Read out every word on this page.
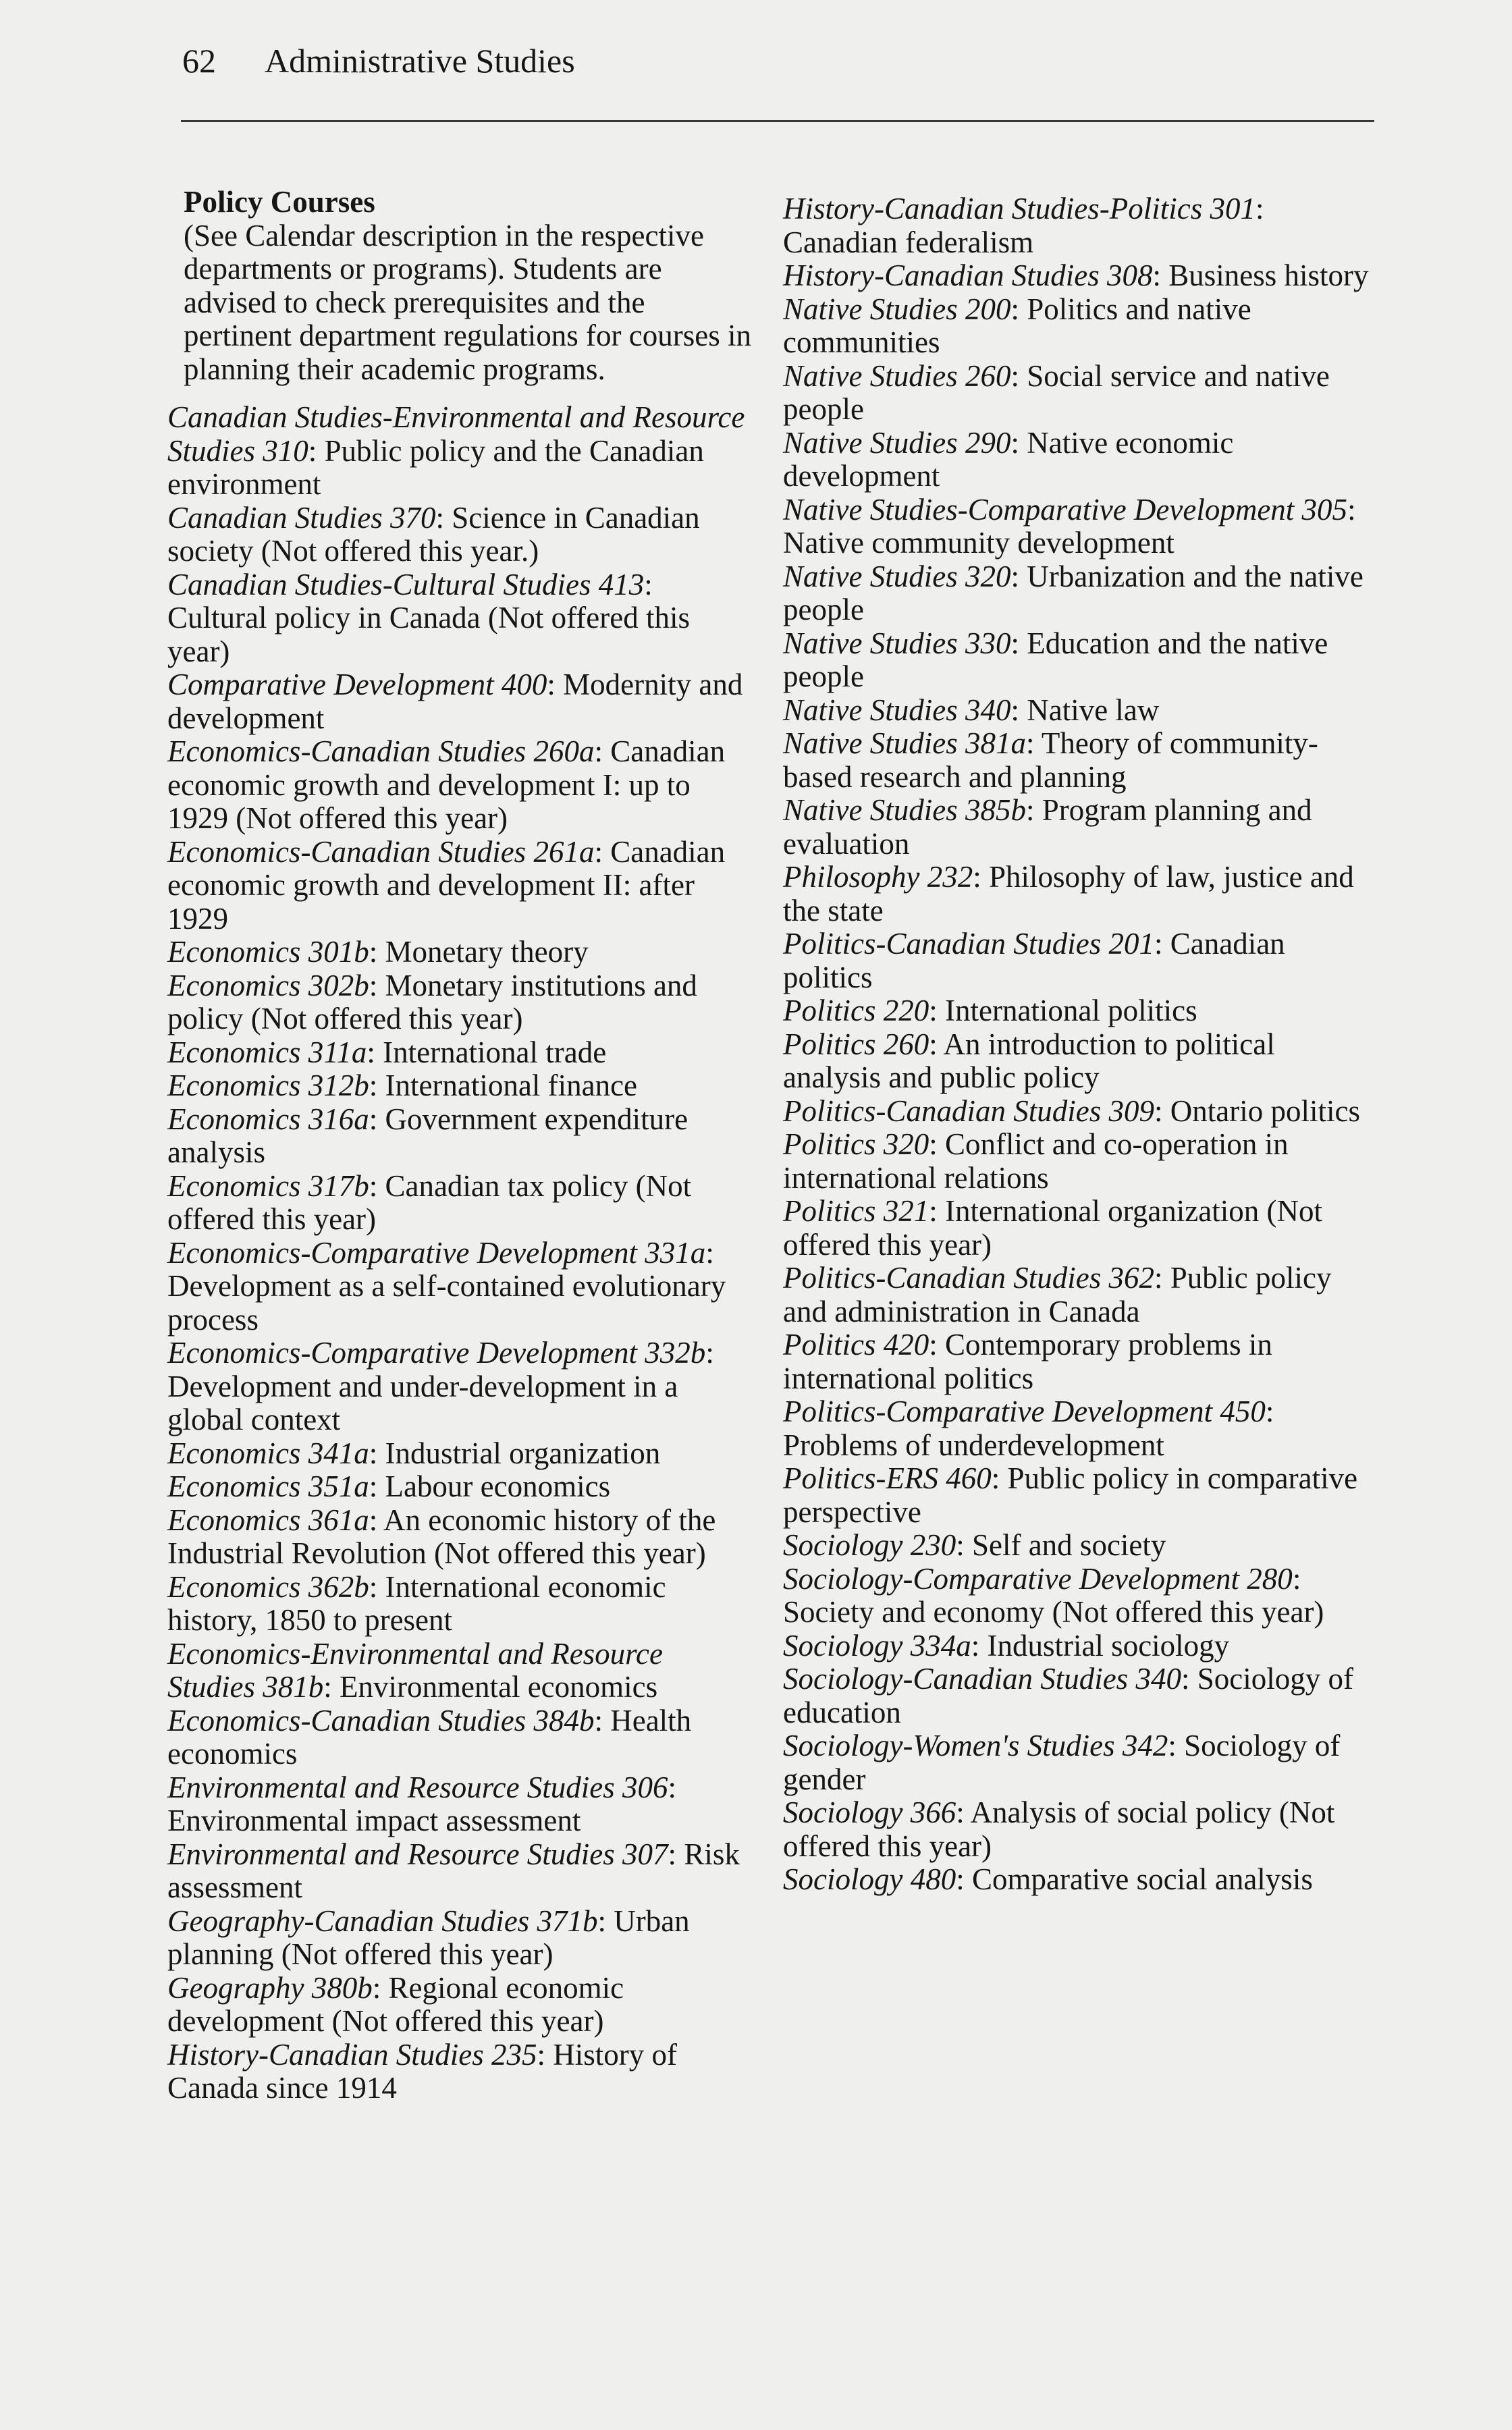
62 Administrative Studies
Policy Courses
(See Calendar description in the respective departments or programs). Students are advised to check prerequisites and the pertinent department regulations for courses in planning their academic programs.
Canadian Studies-Environmental and Resource Studies 310: Public policy and the Canadian environment
Canadian Studies 370: Science in Canadian society (Not offered this year.)
Canadian Studies-Cultural Studies 413: Cultural policy in Canada (Not offered this year)
Comparative Development 400: Modernity and development
Economics-Canadian Studies 260a: Canadian economic growth and development I: up to 1929 (Not offered this year)
Economics-Canadian Studies 261a: Canadian economic growth and development II: after 1929
Economics 301b: Monetary theory
Economics 302b: Monetary institutions and policy (Not offered this year)
Economics 311a: International trade
Economics 312b: International finance
Economics 316a: Government expenditure analysis
Economics 317b: Canadian tax policy (Not offered this year)
Economics-Comparative Development 331a: Development as a self-contained evolutionary process
Economics-Comparative Development 332b: Development and under-development in a global context
Economics 341a: Industrial organization
Economics 351a: Labour economics
Economics 361a: An economic history of the Industrial Revolution (Not offered this year)
Economics 362b: International economic history, 1850 to present
Economics-Environmental and Resource Studies 381b: Environmental economics
Economics-Canadian Studies 384b: Health economics
Environmental and Resource Studies 306: Environmental impact assessment
Environmental and Resource Studies 307: Risk assessment
Geography-Canadian Studies 371b: Urban planning (Not offered this year)
Geography 380b: Regional economic development (Not offered this year)
History-Canadian Studies 235: History of Canada since 1914
History-Canadian Studies-Politics 301: Canadian federalism
History-Canadian Studies 308: Business history
Native Studies 200: Politics and native communities
Native Studies 260: Social service and native people
Native Studies 290: Native economic development
Native Studies-Comparative Development 305: Native community development
Native Studies 320: Urbanization and the native people
Native Studies 330: Education and the native people
Native Studies 340: Native law
Native Studies 381a: Theory of community-based research and planning
Native Studies 385b: Program planning and evaluation
Philosophy 232: Philosophy of law, justice and the state
Politics-Canadian Studies 201: Canadian politics
Politics 220: International politics
Politics 260: An introduction to political analysis and public policy
Politics-Canadian Studies 309: Ontario politics
Politics 320: Conflict and co-operation in international relations
Politics 321: International organization (Not offered this year)
Politics-Canadian Studies 362: Public policy and administration in Canada
Politics 420: Contemporary problems in international politics
Politics-Comparative Development 450: Problems of underdevelopment
Politics-ERS 460: Public policy in comparative perspective
Sociology 230: Self and society
Sociology-Comparative Development 280: Society and economy (Not offered this year)
Sociology 334a: Industrial sociology
Sociology-Canadian Studies 340: Sociology of education
Sociology-Women's Studies 342: Sociology of gender
Sociology 366: Analysis of social policy (Not offered this year)
Sociology 480: Comparative social analysis
